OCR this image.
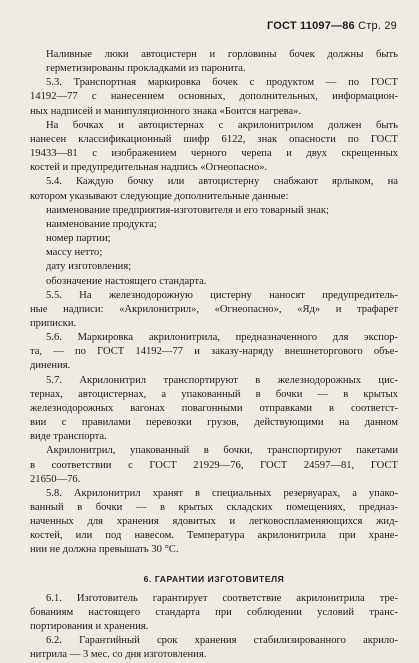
ГОСТ 11097—86 Стр. 29

Наливные люки автоцистерн и горловины бочек должны быть

герметизированы прокладками из паронита.

5.3. Транспортная маркировка бочек с продуктом — по ГОСТ

14192—77 с нанесением основных, дополнительных, информацион-

ных надписей и манипуляционного знака «Боится нагрева».

На бочках и автоцистернах с акрилонитрилом должен быть

нанесен классификационный шифр 6122, знак опасности по ГОСТ

19433—81 с изображением черного черепа и двух скрещенных

костей и предупредительная надпись «Огнеопасно».

5.4. Каждую бочку или автоцистерну снабжают ярлыком, на

котором указывают следующие дополнительные данные:

наименование предприятия-изготовителя и его товарный знак;

наименование продукта;

номер партии;

массу нетто;

дату изготовления;

обозначение настоящего стандарта.

5.5. На железнодорожную цистерну наносят предупредитель-

ные надписи: «Акрилонитрил», «Огнеопасно», «Яд» и трафарет

приписки.

5.6. Маркировка акрилонитрила, предназначенного для экспор-

та, — по ГОСТ 14192—77 и заказу-наряду внешнеторгового объе-

динения.

5.7. Акрилонитрил транспортируют в железнодорожных цис-

тернах, автоцистернах, а упакованный в бочки — в крытых

железнодорожных вагонах повагонными отправками в соответст-

вии с правилами перевозки грузов, действующими на данном

виде транспорта.

Акрилонитрил, упакованный в бочки, транспортируют пакетами

в соответствии с ГОСТ 21929—76, ГОСТ 24597—81, ГОСТ

21650—76.

5.8. Акрилонитрил хранят в специальных резервуарах, а упако-

ванный в бочки — в крытых складских помещениях, предназ-

наченных для хранения ядовитых и легковоспламеняющихся жид-

костей, или под навесом. Температура акрилонитрила при хране-

нии не должна превышать 30 °С.

6. ГАРАНТИИ ИЗГОТОВИТЕЛЯ

6.1. Изготовитель гарантирует соответствие акрилонитрила тре-

бованиям настоящего стандарта при соблюдении условий транс-

портирования и хранения.

6.2. Гарантийный срок хранения стабилизированного акрило-

нитрила — 3 мес. со дня изготовления.
